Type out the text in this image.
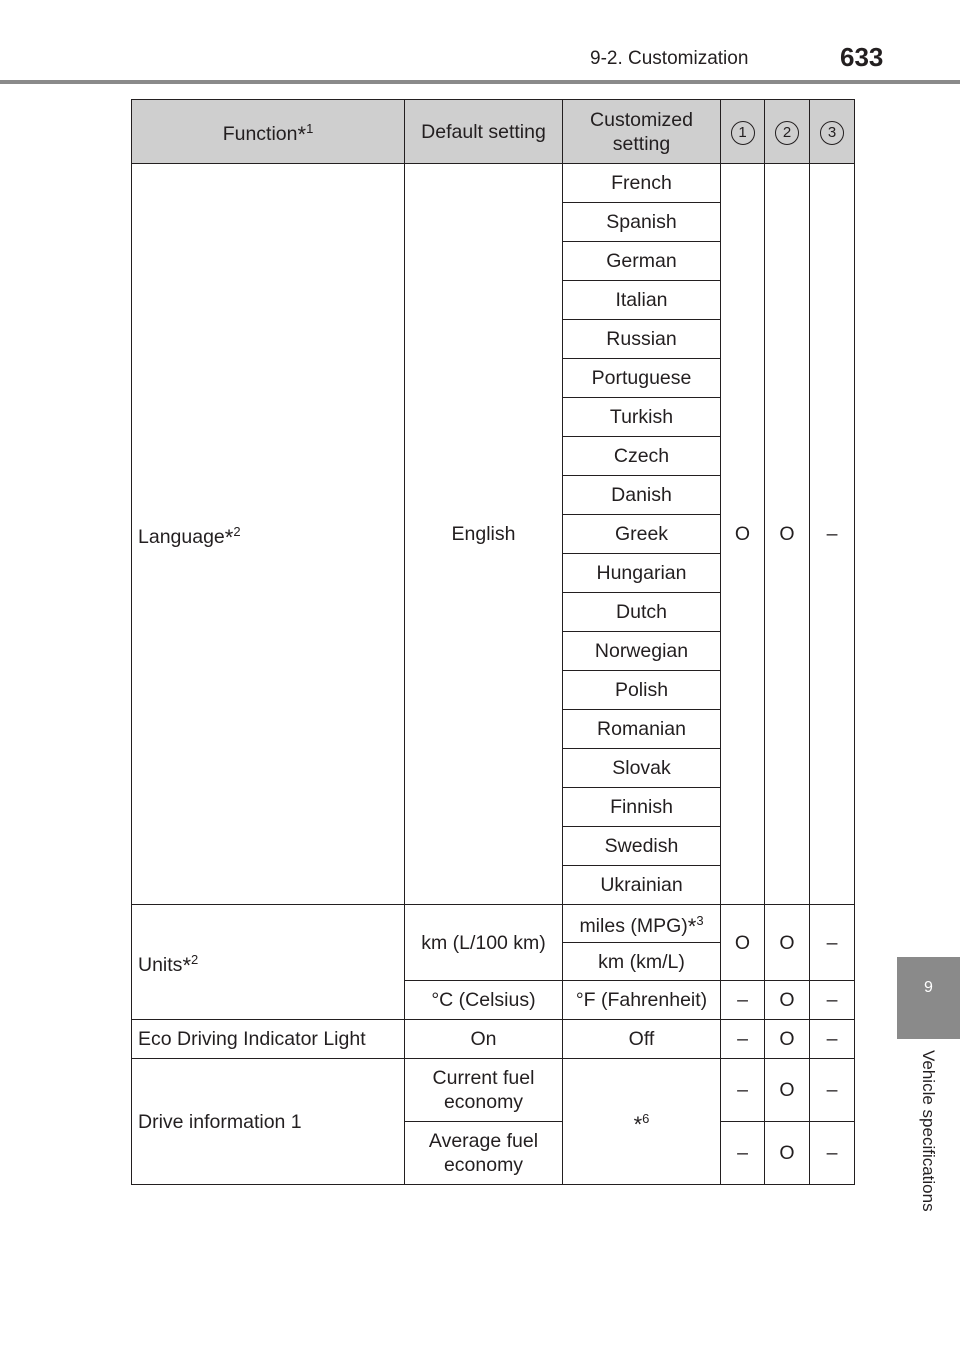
9-2. Customization	633
9
Vehicle specifications
Function*$^1$	Default setting	Customized setting	1	2	3
Language*$^2$	English	French	O	O	–
		Spanish			
		German			
		Italian			
		Russian			
		Portuguese			
		Turkish			
		Czech			
		Danish			
		Greek			
		Hungarian			
		Dutch			
		Norwegian			
		Polish			
		Romanian			
		Slovak			
		Finnish			
		Swedish			
		Ukrainian			
Units*$^2$	km (L/100 km)	miles (MPG)*$^3$	O	O	–
		km (km/L)			
	°C (Celsius)	°F (Fahrenheit)	–	O	–
Eco Driving Indicator Light	On	Off	–	O	–
Drive information 1	Current fuel economy	*$^6$	–	O	–
	Average fuel economy		–	O	–
